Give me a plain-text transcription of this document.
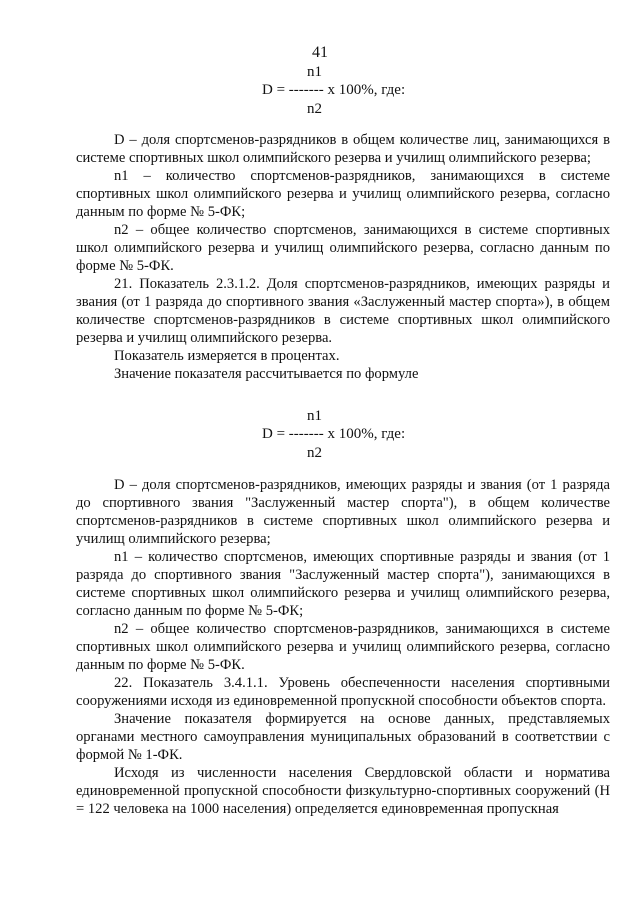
41
n1
D = ------- х 100%, где:
n2

D – доля спортсменов-разрядников в общем количестве лиц, занимающихся в системе спортивных школ олимпийского резерва и училищ олимпийского резерва;

n1 – количество спортсменов-разрядников, занимающихся в системе спортивных школ олимпийского резерва и училищ олимпийского резерва, согласно данным по форме № 5-ФК;

n2 – общее количество спортсменов, занимающихся в системе спортивных школ олимпийского резерва и училищ олимпийского резерва, согласно данным по форме № 5-ФК.

21. Показатель 2.3.1.2. Доля спортсменов-разрядников, имеющих разряды и звания (от 1 разряда до спортивного звания «Заслуженный мастер спорта»), в общем количестве спортсменов-разрядников в системе спортивных школ олимпийского резерва и училищ олимпийского резерва.

Показатель измеряется в процентах.

Значение показателя рассчитывается по формуле

n1
D = ------- х 100%, где:
n2

D – доля спортсменов-разрядников, имеющих разряды и звания (от 1 разряда до спортивного звания "Заслуженный мастер спорта"), в общем количестве спортсменов-разрядников в системе спортивных школ олимпийского резерва и училищ олимпийского резерва;

n1 – количество спортсменов, имеющих спортивные разряды и звания (от 1 разряда до спортивного звания "Заслуженный мастер спорта"), занимающихся в системе спортивных школ олимпийского резерва и училищ олимпийского резерва, согласно данным по форме № 5-ФК;

n2 – общее количество спортсменов-разрядников, занимающихся в системе спортивных школ олимпийского резерва и училищ олимпийского резерва, согласно данным по форме № 5-ФК.

22. Показатель 3.4.1.1. Уровень обеспеченности населения спортивными сооружениями исходя из единовременной пропускной способности объектов спорта.

Значение показателя формируется на основе данных, представляемых органами местного самоуправления муниципальных образований в соответствии с формой № 1-ФК.

Исходя из численности населения Свердловской области и норматива единовременной пропускной способности физкультурно-спортивных сооружений (Н = 122 человека на 1000 населения) определяется единовременная пропускная
